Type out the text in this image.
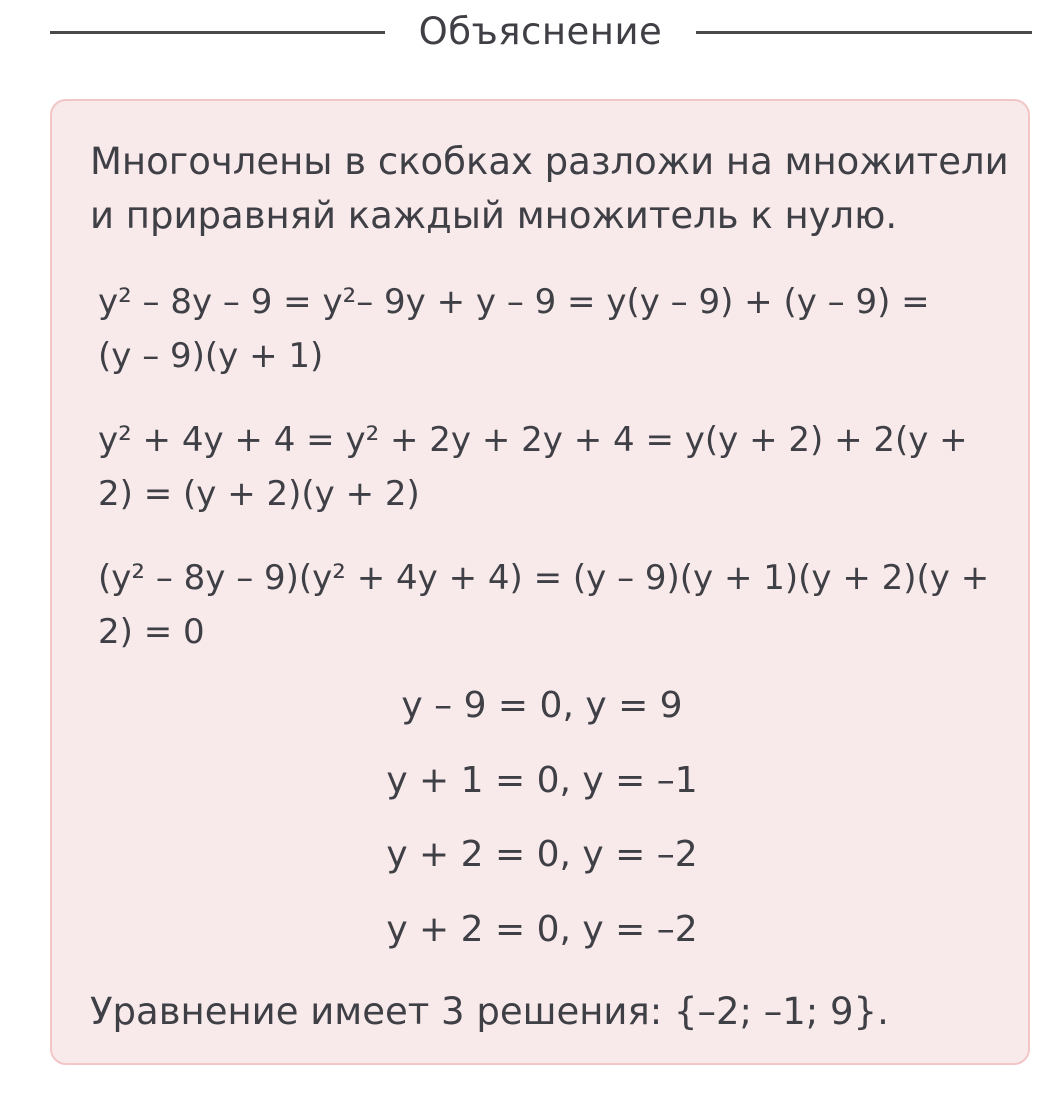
Объяснение
Многочлены в скобках разложи на множители
и приравняй каждый множитель к нулю.
y² – 8y – 9 = y²– 9y + y – 9 = y(y – 9) + (y – 9) =
(y – 9)(y + 1)
y² + 4y + 4 = y² + 2y + 2y + 4 = y(y + 2) + 2(y +
2) = (y + 2)(y + 2)
(y² – 8y – 9)(y² + 4y + 4) = (y – 9)(y + 1)(y + 2)(y +
2) = 0
y – 9 = 0, y = 9
y + 1 = 0, y = –1
y + 2 = 0, y = –2
y + 2 = 0, y = –2
Уравнение имеет 3 решения: {–2; –1; 9}.
